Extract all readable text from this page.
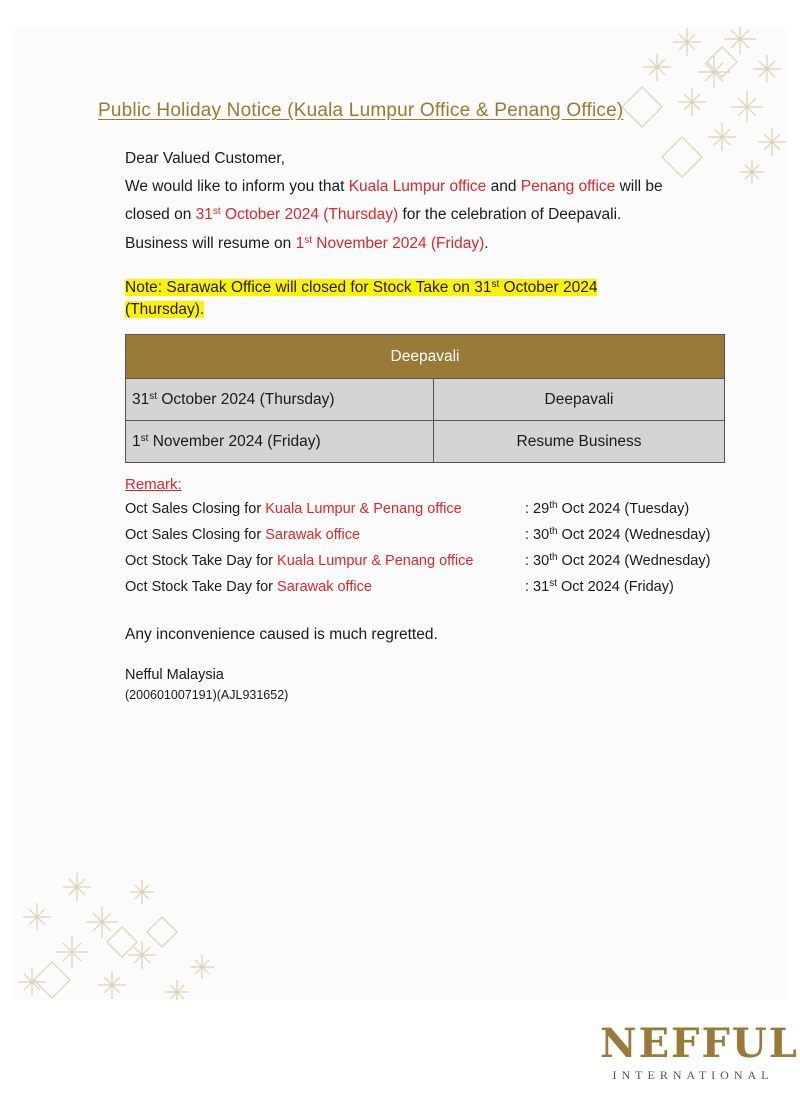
Public Holiday Notice (Kuala Lumpur Office & Penang Office)
Dear Valued Customer,
We would like to inform you that Kuala Lumpur office and Penang office will be
closed on 31st October 2024 (Thursday) for the celebration of Deepavali.
Business will resume on 1st November 2024 (Friday).
Note: Sarawak Office will closed for Stock Take on 31st October 2024
(Thursday).
Deepavali	
31st October 2024 (Thursday)	Deepavali
1st November 2024 (Friday)	Resume Business
Remark:
Oct Sales Closing for Kuala Lumpur & Penang office	: 29th Oct 2024 (Tuesday)
Oct Sales Closing for Sarawak office	: 30th Oct 2024 (Wednesday)
Oct Stock Take Day for Kuala Lumpur & Penang office	: 30th Oct 2024 (Wednesday)
Oct Stock Take Day for Sarawak office	: 31st Oct 2024 (Friday)
Any inconvenience caused is much regretted.
Nefful Malaysia
(200601007191)(AJL931652)
NEFFUL
INTERNATIONAL
